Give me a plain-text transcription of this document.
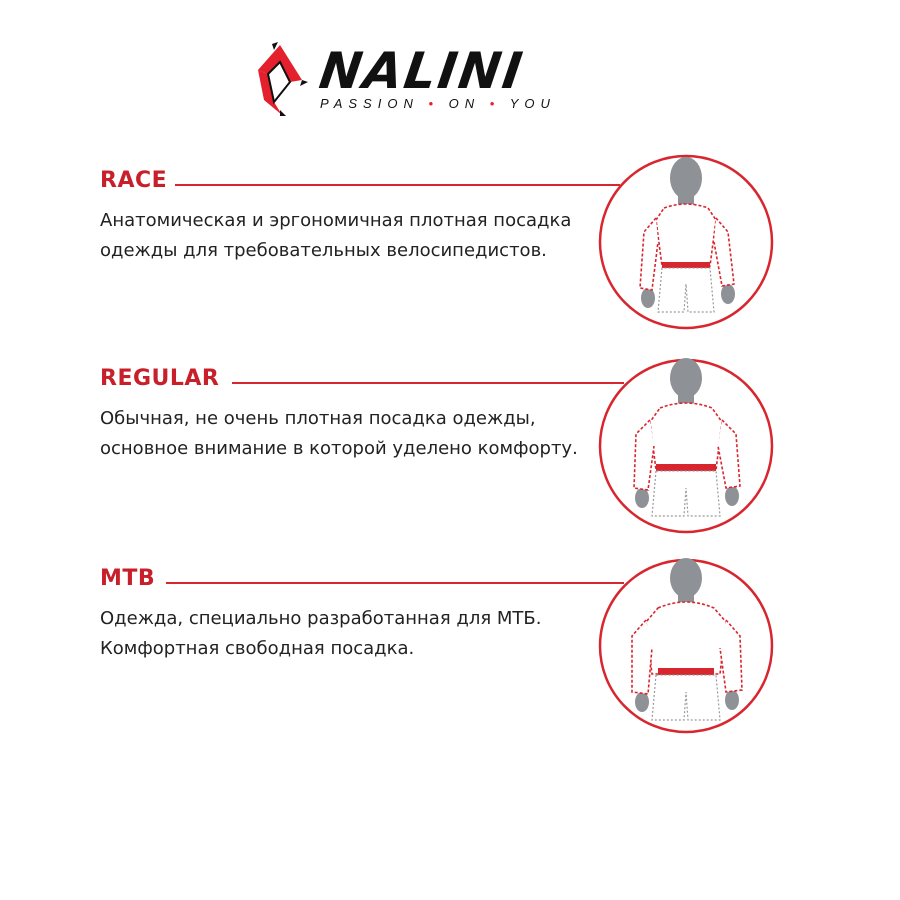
NALINI
PASSION • ON • YOU
RACE
Анатомическая и эргономичная плотная посадка одежды для требовательных велосипедистов.
REGULAR
Обычная, не очень плотная посадка одежды, основное внимание в которой уделено комфорту.
MTB
Одежда, специально разработанная для МТБ. Комфортная свободная посадка.
